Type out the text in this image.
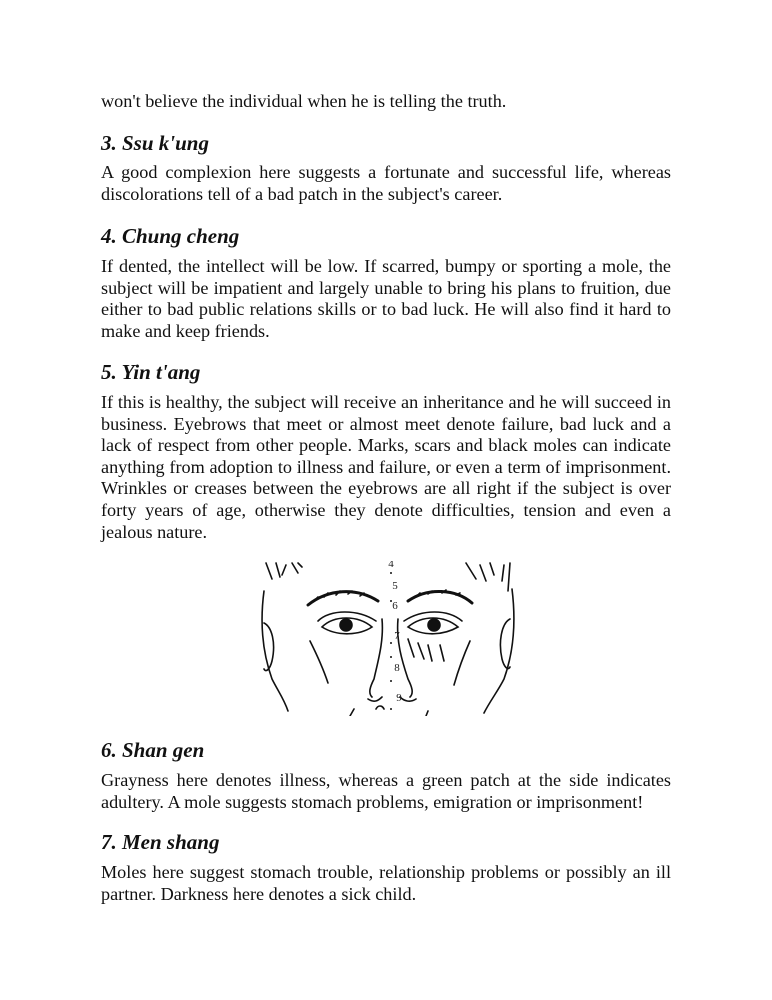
won't believe the individual when he is telling the truth.

3. Ssu k'ung

A good complexion here suggests a fortunate and successful life, whereas discolorations tell of a bad patch in the subject's career.

4. Chung cheng

If dented, the intellect will be low. If scarred, bumpy or sporting a mole, the subject will be impatient and largely unable to bring his plans to fruition, due either to bad public relations skills or to bad luck. He will also find it hard to make and keep friends.

5. Yin t'ang

If this is healthy, the subject will receive an inheritance and he will succeed in business. Eyebrows that meet or almost meet denote failure, bad luck and a lack of respect from other people. Marks, scars and black moles can indicate anything from adoption to illness and failure, or even a term of imprisonment. Wrinkles or creases between the eyebrows are all right if the subject is over forty years of age, otherwise they denote difficulties, tension and even a jealous nature.

4
5
6
7
8
9
6. Shan gen

Grayness here denotes illness, whereas a green patch at the side indicates adultery. A mole suggests stomach problems, emigration or imprisonment!

7. Men shang

Moles here suggest stomach trouble, relationship problems or possibly an ill partner. Darkness here denotes a sick child.
